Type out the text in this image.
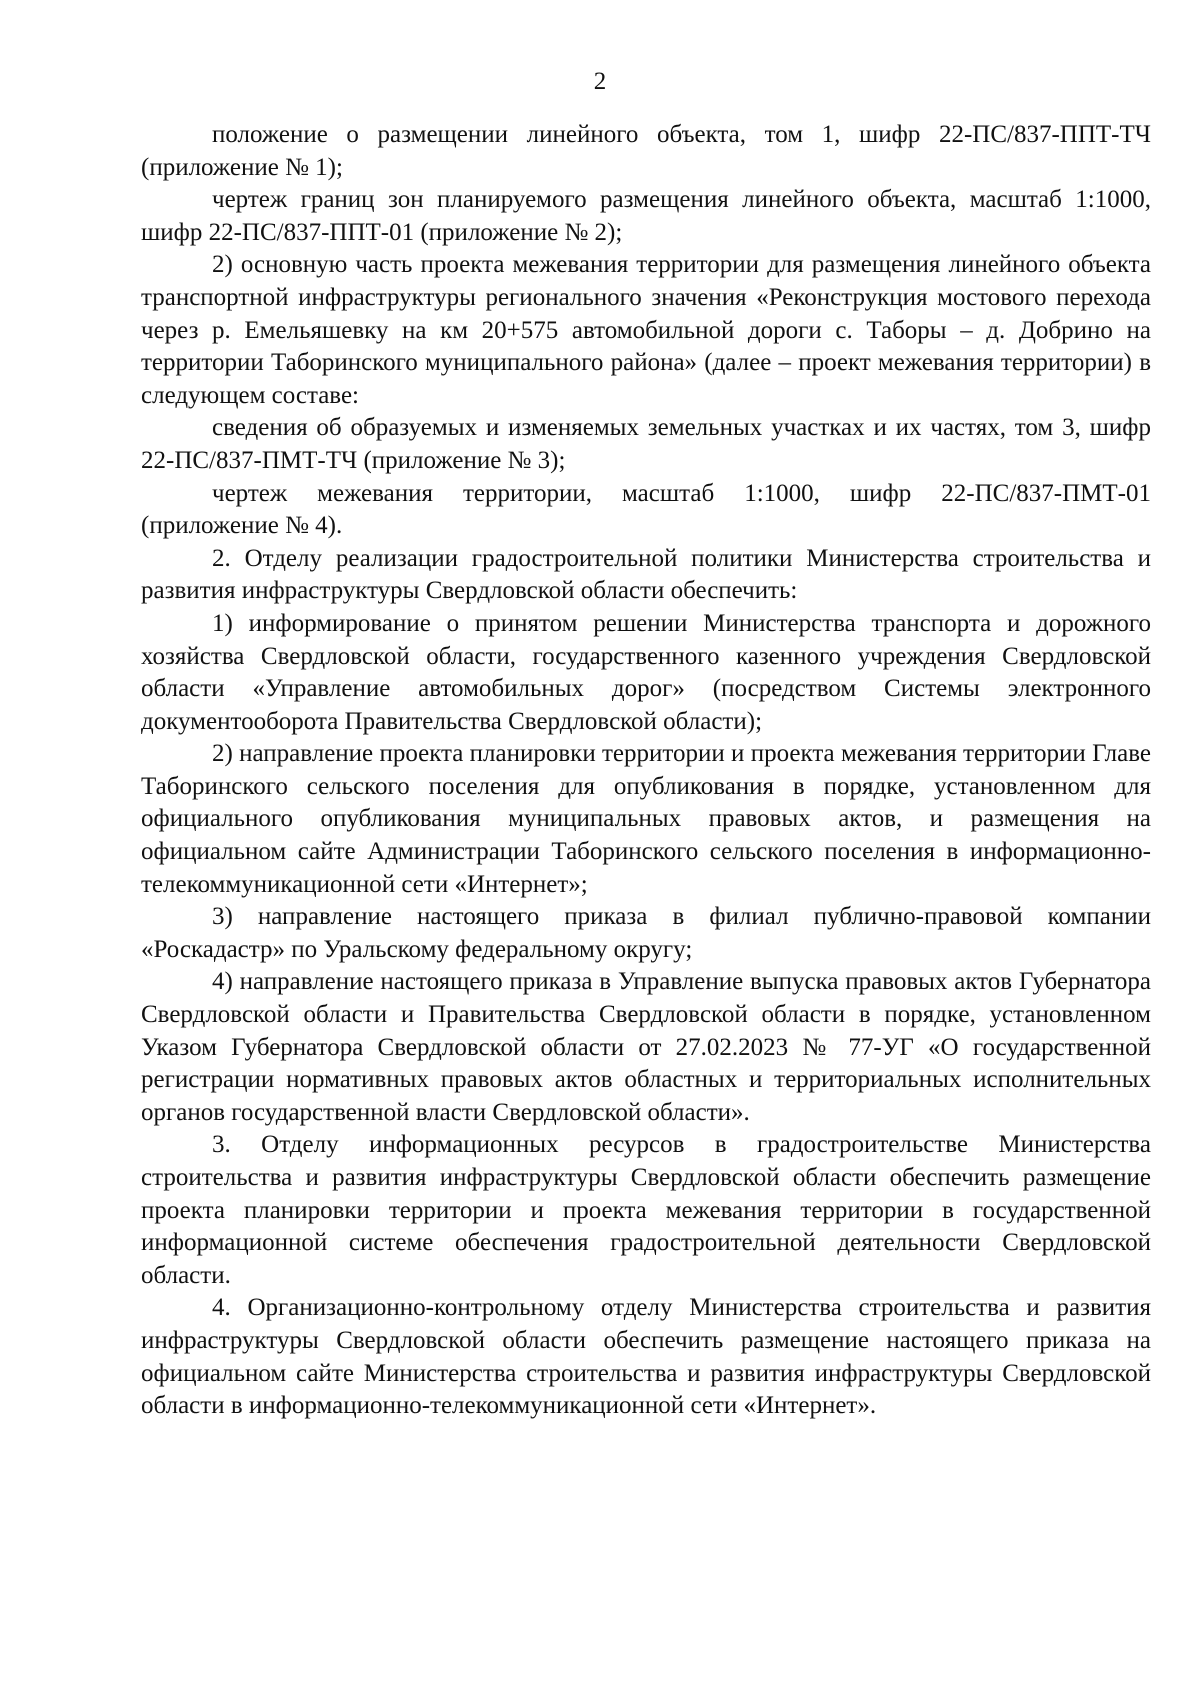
2

положение о размещении линейного объекта, том 1, шифр 22-ПС/837-ППТ-ТЧ (приложение № 1);

чертеж границ зон планируемого размещения линейного объекта, масштаб 1:1000, шифр 22-ПС/837-ППТ-01 (приложение № 2);

2) основную часть проекта межевания территории для размещения линейного объекта транспортной инфраструктуры регионального значения «Реконструкция мостового перехода через р. Емельяшевку на км 20+575 автомобильной дороги с. Таборы – д. Добрино на территории Таборинского муниципального района» (далее – проект межевания территории) в следующем составе:

сведения об образуемых и изменяемых земельных участках и их частях, том 3, шифр 22-ПС/837-ПМТ-ТЧ (приложение № 3);

чертеж межевания территории, масштаб 1:1000, шифр 22-ПС/837-ПМТ-01 (приложение № 4).

2. Отделу реализации градостроительной политики Министерства строительства и развития инфраструктуры Свердловской области обеспечить:

1) информирование о принятом решении Министерства транспорта и дорожного хозяйства Свердловской области, государственного казенного учреждения Свердловской области «Управление автомобильных дорог» (посредством Системы электронного документооборота Правительства Свердловской области);

2) направление проекта планировки территории и проекта межевания территории Главе Таборинского сельского поселения для опубликования в порядке, установленном для официального опубликования муниципальных правовых актов, и размещения на официальном сайте Администрации Таборинского сельского поселения в информационно-телекоммуникационной сети «Интернет»;

3) направление настоящего приказа в филиал публично-правовой компании «Роскадастр» по Уральскому федеральному округу;

4) направление настоящего приказа в Управление выпуска правовых актов Губернатора Свердловской области и Правительства Свердловской области в порядке, установленном Указом Губернатора Свердловской области от 27.02.2023 № 77-УГ «О государственной регистрации нормативных правовых актов областных и территориальных исполнительных органов государственной власти Свердловской области».

3. Отделу информационных ресурсов в градостроительстве Министерства строительства и развития инфраструктуры Свердловской области обеспечить размещение проекта планировки территории и проекта межевания территории в государственной информационной системе обеспечения градостроительной деятельности Свердловской области.

4. Организационно-контрольному отделу Министерства строительства и развития инфраструктуры Свердловской области обеспечить размещение настоящего приказа на официальном сайте Министерства строительства и развития инфраструктуры Свердловской области в информационно-телекоммуникационной сети «Интернет».
